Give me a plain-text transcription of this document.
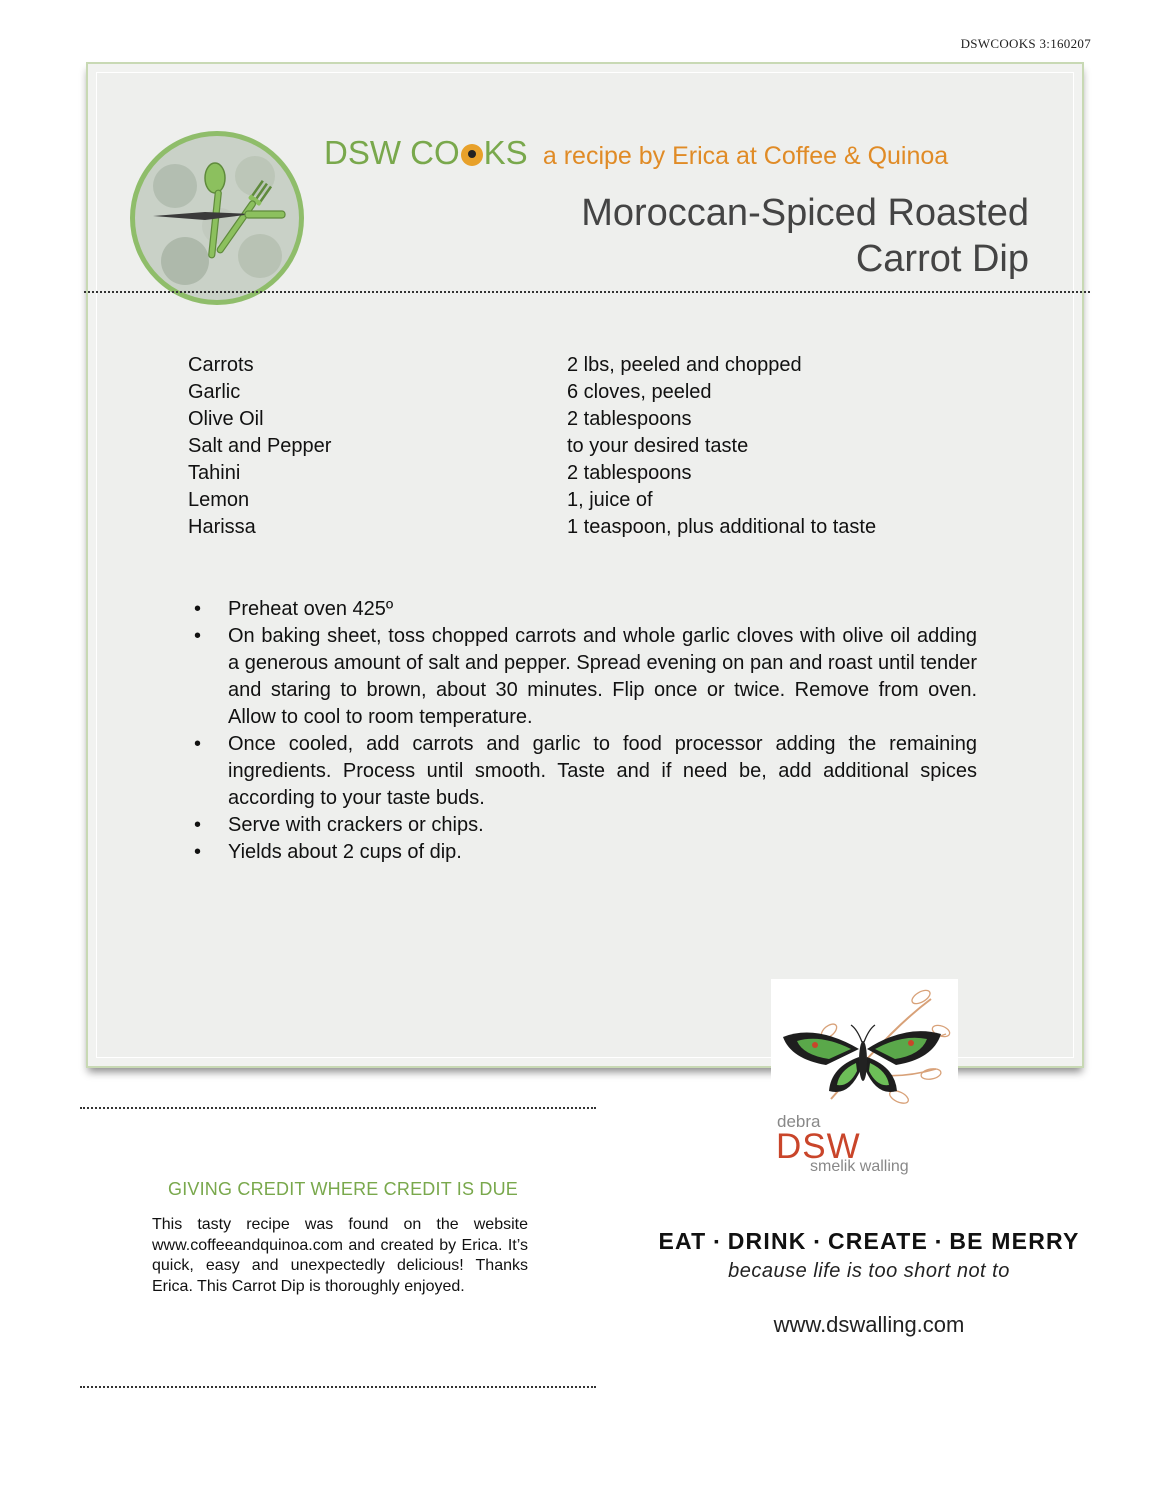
DSWCOOKS 3:160207
DSW CO KS a recipe by Erica at Coffee & Quinoa
Moroccan-Spiced Roasted
Carrot Dip
Carrots	2 lbs, peeled and chopped
Garlic	6 cloves, peeled
Olive Oil	2 tablespoons
Salt and Pepper	to your desired taste
Tahini	2 tablespoons
Lemon	1, juice of
Harissa	1 teaspoon, plus additional to taste
•	Preheat oven 425º
•	On baking sheet, toss chopped carrots and whole garlic cloves with olive oil adding a generous amount of salt and pepper. Spread evening on pan and roast until tender and staring to brown, about 30 minutes. Flip once or twice. Remove from oven. Allow to cool to room temperature.
•	Once cooled, add carrots and garlic to food processor adding the remaining ingredients. Process until smooth. Taste and if need be, add additional spices according to your taste buds.
•	Serve with crackers or chips.
•	Yields about 2 cups of dip.
debra
DSW
smelik walling
GIVING CREDIT WHERE CREDIT IS DUE
This tasty recipe was found on the website www.coffeeandquinoa.com and created by Erica. It’s quick, easy and unexpectedly delicious! Thanks Erica. This Carrot Dip is thoroughly enjoyed.
EAT ▪ DRINK ▪ CREATE ▪ BE MERRY
because life is too short not to
www.dswalling.com
